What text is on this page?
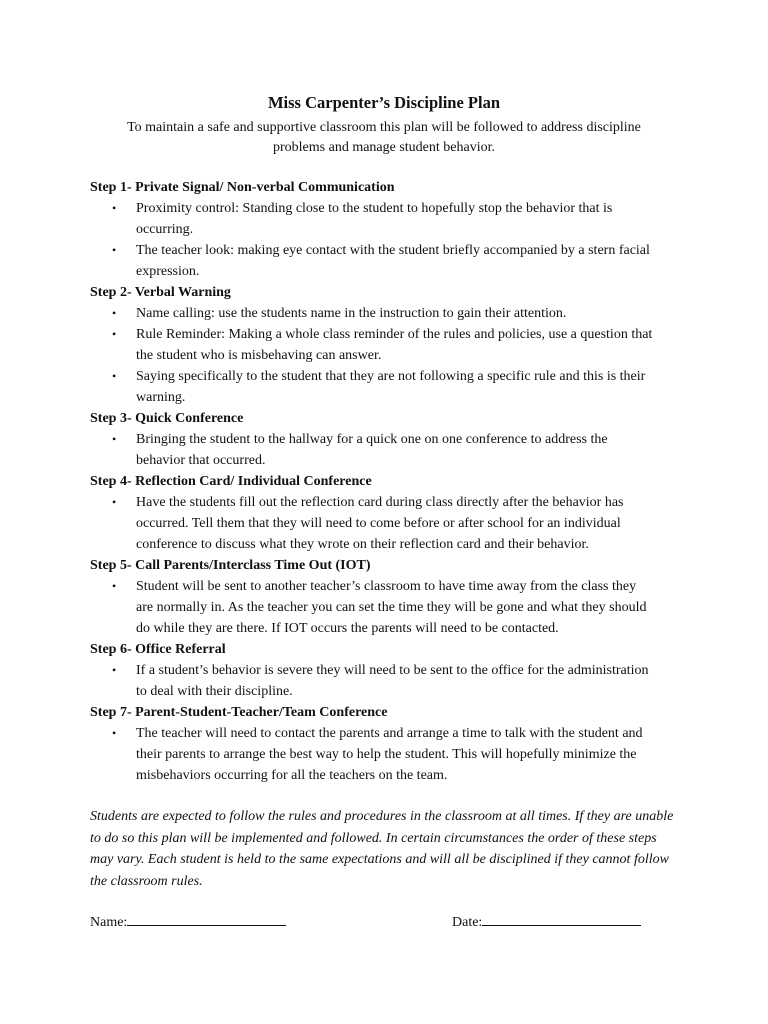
Miss Carpenter’s Discipline Plan
To maintain a safe and supportive classroom this plan will be followed to address discipline
problems and manage student behavior.
Step 1- Private Signal/ Non-verbal Communication
• Proximity control: Standing close to the student to hopefully stop the behavior that is occurring.
• The teacher look: making eye contact with the student briefly accompanied by a stern facial expression.
Step 2- Verbal Warning
• Name calling: use the students name in the instruction to gain their attention.
• Rule Reminder: Making a whole class reminder of the rules and policies, use a question that the student who is misbehaving can answer.
• Saying specifically to the student that they are not following a specific rule and this is their warning.
Step 3- Quick Conference
• Bringing the student to the hallway for a quick one on one conference to address the behavior that occurred.
Step 4- Reflection Card/ Individual Conference
• Have the students fill out the reflection card during class directly after the behavior has occurred. Tell them that they will need to come before or after school for an individual conference to discuss what they wrote on their reflection card and their behavior.
Step 5- Call Parents/Interclass Time Out (IOT)
• Student will be sent to another teacher’s classroom to have time away from the class they are normally in. As the teacher you can set the time they will be gone and what they should do while they are there. If IOT occurs the parents will need to be contacted.
Step 6- Office Referral
• If a student’s behavior is severe they will need to be sent to the office for the administration to deal with their discipline.
Step 7- Parent-Student-Teacher/Team Conference
• The teacher will need to contact the parents and arrange a time to talk with the student and their parents to arrange the best way to help the student. This will hopefully minimize the misbehaviors occurring for all the teachers on the team.
Students are expected to follow the rules and procedures in the classroom at all times. If they are unable to do so this plan will be implemented and followed. In certain circumstances the order of these steps may vary. Each student is held to the same expectations and will all be disciplined if they cannot follow the classroom rules.
Name:	Date:
